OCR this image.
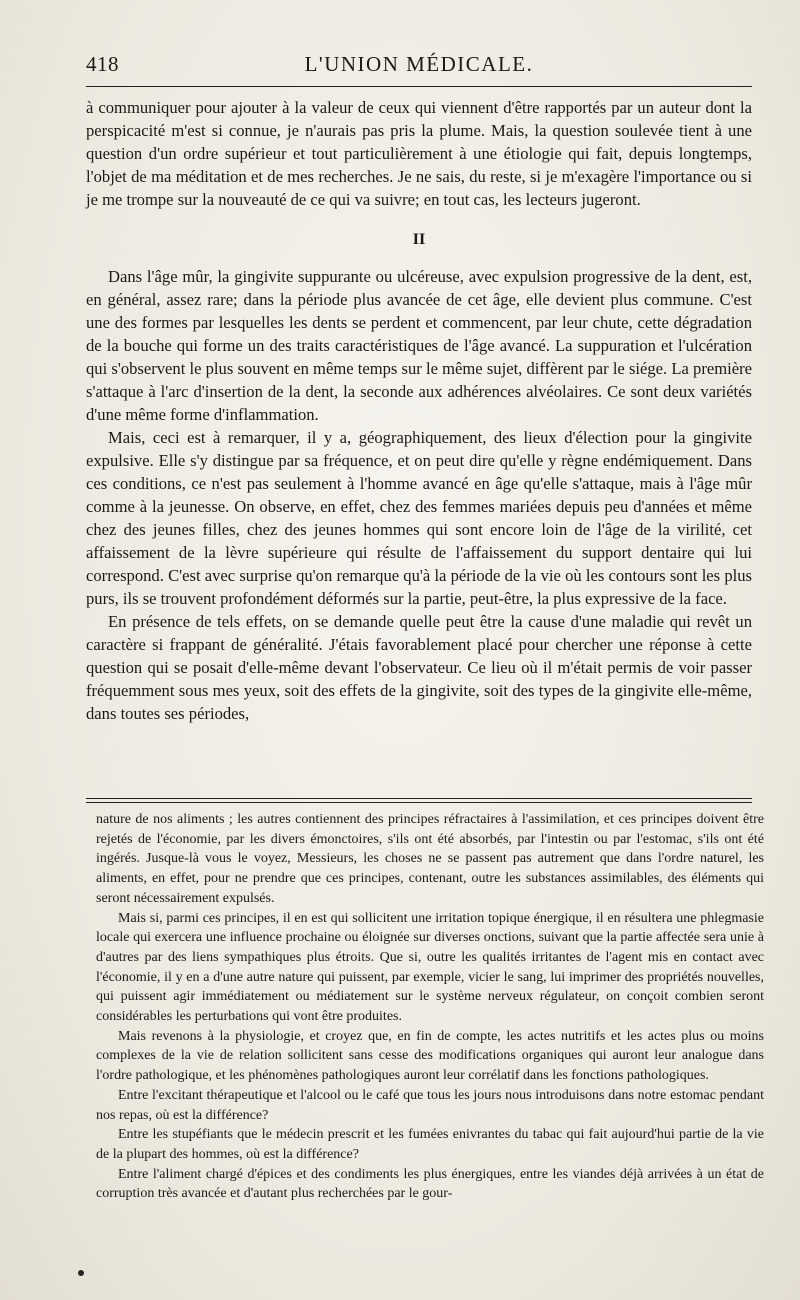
418	L'UNION MÉDICALE.

à communiquer pour ajouter à la valeur de ceux qui viennent d'être rapportés par un auteur dont la perspicacité m'est si connue, je n'aurais pas pris la plume. Mais, la question soulevée tient à une question d'un ordre supérieur et tout particulièrement à une étiologie qui fait, depuis longtemps, l'objet de ma méditation et de mes recherches. Je ne sais, du reste, si je m'exagère l'importance ou si je me trompe sur la nouveauté de ce qui va suivre; en tout cas, les lecteurs jugeront.

II

Dans l'âge mûr, la gingivite suppurante ou ulcéreuse, avec expulsion progressive de la dent, est, en général, assez rare; dans la période plus avancée de cet âge, elle devient plus commune. C'est une des formes par lesquelles les dents se perdent et commencent, par leur chute, cette dégradation de la bouche qui forme un des traits caractéristiques de l'âge avancé. La suppuration et l'ulcération qui s'observent le plus souvent en même temps sur le même sujet, diffèrent par le siége. La première s'attaque à l'arc d'insertion de la dent, la seconde aux adhérences alvéolaires. Ce sont deux variétés d'une même forme d'inflammation.

Mais, ceci est à remarquer, il y a, géographiquement, des lieux d'élection pour la gingivite expulsive. Elle s'y distingue par sa fréquence, et on peut dire qu'elle y règne endémiquement. Dans ces conditions, ce n'est pas seulement à l'homme avancé en âge qu'elle s'attaque, mais à l'âge mûr comme à la jeunesse. On observe, en effet, chez des femmes mariées depuis peu d'années et même chez des jeunes filles, chez des jeunes hommes qui sont encore loin de l'âge de la virilité, cet affaissement de la lèvre supérieure qui résulte de l'affaissement du support dentaire qui lui correspond. C'est avec surprise qu'on remarque qu'à la période de la vie où les contours sont les plus purs, ils se trouvent profondément déformés sur la partie, peut-être, la plus expressive de la face.

En présence de tels effets, on se demande quelle peut être la cause d'une maladie qui revêt un caractère si frappant de généralité. J'étais favorablement placé pour chercher une réponse à cette question qui se posait d'elle-même devant l'observateur. Ce lieu où il m'était permis de voir passer fréquemment sous mes yeux, soit des effets de la gingivite, soit des types de la gingivite elle-même, dans toutes ses périodes,

nature de nos aliments ; les autres contiennent des principes réfractaires à l'assimilation, et ces principes doivent être rejetés de l'économie, par les divers émonctoires, s'ils ont été absorbés, par l'intestin ou par l'estomac, s'ils ont été ingérés. Jusque-là vous le voyez, Messieurs, les choses ne se passent pas autrement que dans l'ordre naturel, les aliments, en effet, pour ne prendre que ces principes, contenant, outre les substances assimilables, des éléments qui seront nécessairement expulsés.

Mais si, parmi ces principes, il en est qui sollicitent une irritation topique énergique, il en résultera une phlegmasie locale qui exercera une influence prochaine ou éloignée sur diverses onctions, suivant que la partie affectée sera unie à d'autres par des liens sympathiques plus étroits. Que si, outre les qualités irritantes de l'agent mis en contact avec l'économie, il y en a d'une autre nature qui puissent, par exemple, vicier le sang, lui imprimer des propriétés nouvelles, qui puissent agir immédiatement ou médiatement sur le système nerveux régulateur, on conçoit combien seront considérables les perturbations qui vont être produites.

Mais revenons à la physiologie, et croyez que, en fin de compte, les actes nutritifs et les actes plus ou moins complexes de la vie de relation sollicitent sans cesse des modifications organiques qui auront leur analogue dans l'ordre pathologique, et les phénomènes pathologiques auront leur corrélatif dans les fonctions pathologiques.

Entre l'excitant thérapeutique et l'alcool ou le café que tous les jours nous introduisons dans notre estomac pendant nos repas, où est la différence?

Entre les stupéfiants que le médecin prescrit et les fumées enivrantes du tabac qui fait aujourd'hui partie de la vie de la plupart des hommes, où est la différence?

Entre l'aliment chargé d'épices et des condiments les plus énergiques, entre les viandes déjà arrivées à un état de corruption très avancée et d'autant plus recherchées par le gour-
